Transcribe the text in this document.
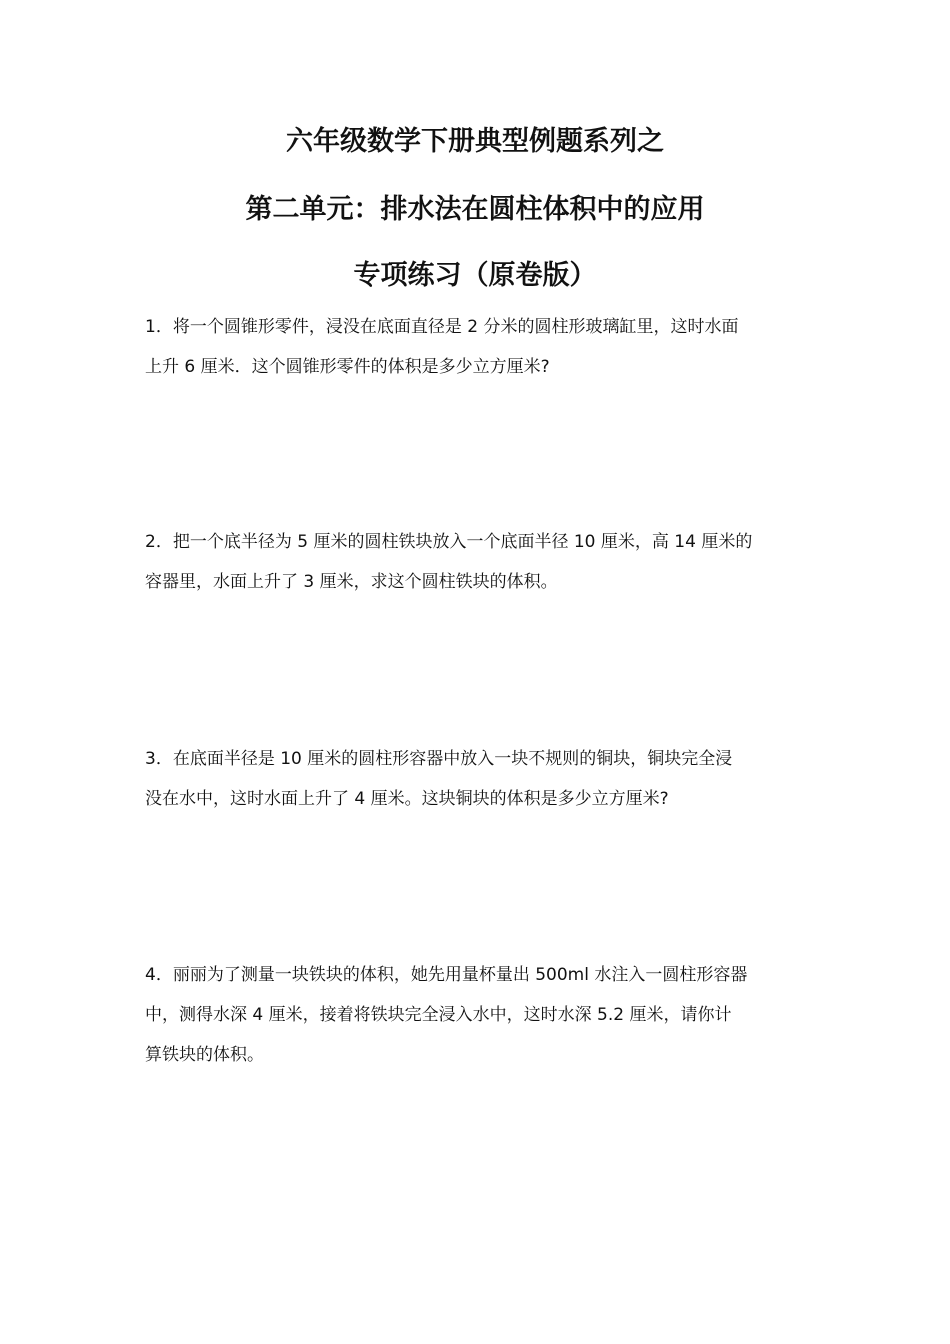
六年级数学下册典型例题系列之
第二单元：排水法在圆柱体积中的应用
专项练习（原卷版）
1．将一个圆锥形零件，浸没在底面直径是 2 分米的圆柱形玻璃缸里，这时水面
上升 6 厘米．这个圆锥形零件的体积是多少立方厘米?
2．把一个底半径为 5 厘米的圆柱铁块放入一个底面半径 10 厘米，高 14 厘米的
容器里，水面上升了 3 厘米，求这个圆柱铁块的体积。
3．在底面半径是 10 厘米的圆柱形容器中放入一块不规则的铜块，铜块完全浸
没在水中，这时水面上升了 4 厘米。这块铜块的体积是多少立方厘米?
4．丽丽为了测量一块铁块的体积，她先用量杯量出 500ml 水注入一圆柱形容器
中，测得水深 4 厘米，接着将铁块完全浸入水中，这时水深 5.2 厘米，请你计
算铁块的体积。
